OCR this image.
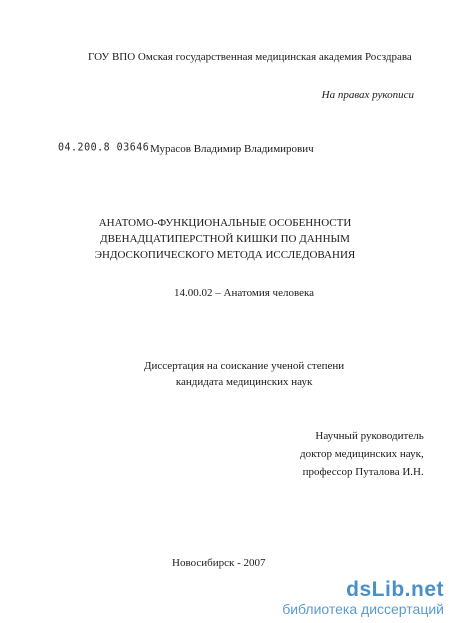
ГОУ ВПО Омская государственная медицинская академия Росздрава
На правах рукописи
04.200.8 03646 Мурасов Владимир Владимирович
АНАТОМО-ФУНКЦИОНАЛЬНЫЕ ОСОБЕННОСТИ
ДВЕНАДЦАТИПЕРСТНОЙ КИШКИ ПО ДАННЫМ
ЭНДОСКОПИЧЕСКОГО МЕТОДА ИССЛЕДОВАНИЯ
14.00.02 – Анатомия человека
Диссертация на соискание ученой степени
кандидата медицинских наук
Научный руководитель
доктор медицинских наук,
профессор Путалова И.Н.
Новосибирск - 2007
dsLib.net
библиотека диссертаций
